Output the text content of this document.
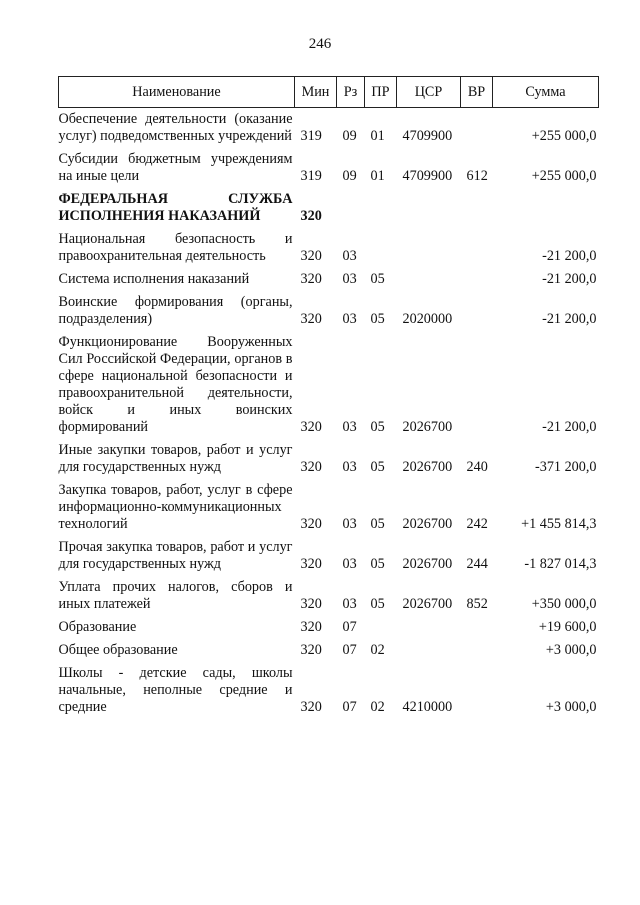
246
Наименование	Мин	Рз	ПР	ЦСР	ВР	Сумма
Обеспечение деятельности (оказание услуг) подведомственных учреждений	319	09	01	4709900		+255 000,0
Субсидии бюджетным учреждениям на иные цели	319	09	01	4709900	612	+255 000,0
ФЕДЕРАЛЬНАЯ СЛУЖБА ИСПОЛНЕНИЯ НАКАЗАНИЙ	320					
Национальная безопасность и правоохранительная деятельность	320	03				-21 200,0
Система исполнения наказаний	320	03	05			-21 200,0
Воинские формирования (органы, подразделения)	320	03	05	2020000		-21 200,0
Функционирование Вооруженных Сил Российской Федерации, органов в сфере национальной безопасности и правоохранительной деятельности, войск и иных воинских формирований	320	03	05	2026700		-21 200,0
Иные закупки товаров, работ и услуг для государственных нужд	320	03	05	2026700	240	-371 200,0
Закупка товаров, работ, услуг в сфере информационно-коммуникационных технологий	320	03	05	2026700	242	+1 455 814,3
Прочая закупка товаров, работ и услуг для государственных нужд	320	03	05	2026700	244	-1 827 014,3
Уплата прочих налогов, сборов и иных платежей	320	03	05	2026700	852	+350 000,0
Образование	320	07				+19 600,0
Общее образование	320	07	02			+3 000,0
Школы - детские сады, школы начальные, неполные средние и средние	320	07	02	4210000		+3 000,0
